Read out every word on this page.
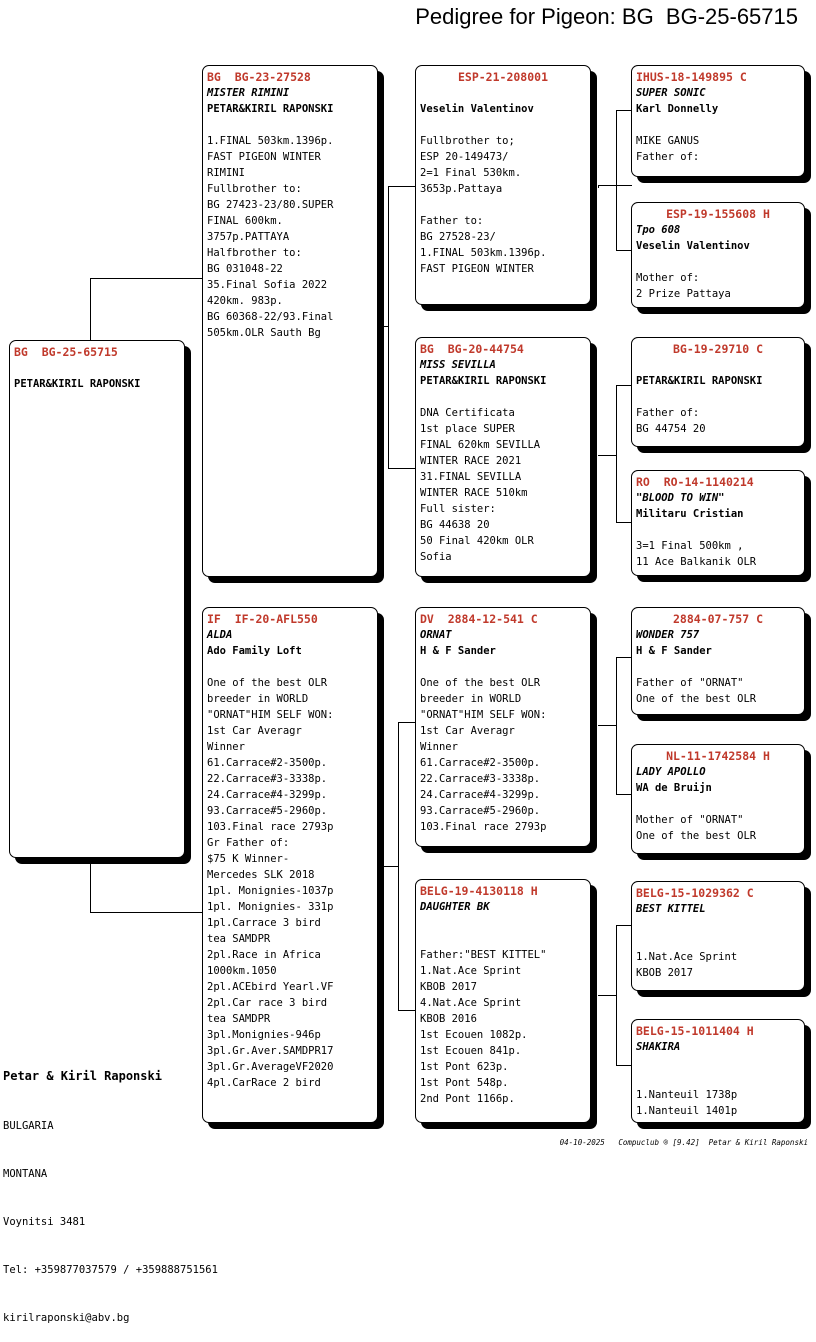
Pedigree for Pigeon: BG  BG-25-65715
BG  BG-25-65715
PETAR&KIRIL RAPONSKI
BG  BG-23-27528
MISTER RIMINI
PETAR&KIRIL RAPONSKI
1.FINAL 503km.1396p.
FAST PIGEON WINTER
RIMINI
Fullbrother to:
BG 27423-23/80.SUPER
FINAL 600km.
3757p.PATTAYA
Halfbrother to:
BG 031048-22
35.Final Sofia 2022
420km. 983p.
BG 60368-22/93.Final
505km.OLR Sauth Bg
IF  IF-20-AFL550
ALDA
Ado Family Loft
One of the best OLR
breeder in WORLD
"ORNAT"HIM SELF WON:
1st Car Averagr
Winner
61.Carrace#2-3500p.
22.Carrace#3-3338p.
24.Carrace#4-3299p.
93.Carrace#5-2960p.
103.Final race 2793p
Gr Father of:
$75 K Winner-
Mercedes SLK 2018
1pl. Monignies-1037p
1pl. Monignies- 331p
1pl.Carrace 3 bird
tea SAMDPR
2pl.Race in Africa
1000km.1050
2pl.ACEbird Yearl.VF
2pl.Car race 3 bird
tea SAMDPR
3pl.Monignies-946p
3pl.Gr.Aver.SAMDPR17
3pl.Gr.AverageVF2020
4pl.CarRace 2 bird
ESP-21-208001
Veselin Valentinov
Fullbrother to;
ESP 20-149473/
2=1 Final 530km.
3653p.Pattaya
Father to:
BG 27528-23/
1.FINAL 503km.1396p.
FAST PIGEON WINTER
BG  BG-20-44754
MISS SEVILLA
PETAR&KIRIL RAPONSKI
DNA Certificata
1st place SUPER
FINAL 620km SEVILLA
WINTER RACE 2021
31.FINAL SEVILLA
WINTER RACE 510km
Full sister:
BG 44638 20
50 Final 420km OLR
Sofia
DV  2884-12-541 C
ORNAT
H & F Sander
One of the best OLR
breeder in WORLD
"ORNAT"HIM SELF WON:
1st Car Averagr
Winner
61.Carrace#2-3500p.
22.Carrace#3-3338p.
24.Carrace#4-3299p.
93.Carrace#5-2960p.
103.Final race 2793p
BELG-19-4130118 H
DAUGHTER BK
Father:"BEST KITTEL"
1.Nat.Ace Sprint
KBOB 2017
4.Nat.Ace Sprint
KBOB 2016
1st Ecouen 1082p.
1st Ecouen 841p.
1st Pont 623p.
1st Pont 548p.
2nd Pont 1166p.
IHUS-18-149895 C
SUPER SONIC
Karl Donnelly
MIKE GANUS
Father of:
ESP-19-155608 H
Tpo 608
Veselin Valentinov
Mother of:
2 Prize Pattaya
BG-19-29710 C
PETAR&KIRIL RAPONSKI
Father of:
BG 44754 20
RO  RO-14-1140214
"BLOOD TO WIN"
Militaru Cristian
3=1 Final 500km ,
11 Ace Balkanik OLR
2884-07-757 C
WONDER 757
H & F Sander
Father of "ORNAT"
One of the best OLR
NL-11-1742584 H
LADY APOLLO
WA de Bruijn
Mother of "ORNAT"
One of the best OLR
BELG-15-1029362 C
BEST KITTEL
1.Nat.Ace Sprint
KBOB 2017
BELG-15-1011404 H
SHAKIRA
1.Nanteuil 1738p
1.Nanteuil 1401p

Petar & Kiril Raponski

BULGARIA

MONTANA

Voynitsi 3481

Tel: +359877037579 / +359888751561

kirilraponski@abv.bg

04-10-2025   Compuclub ® [9.42]  Petar & Kiril Raponski
